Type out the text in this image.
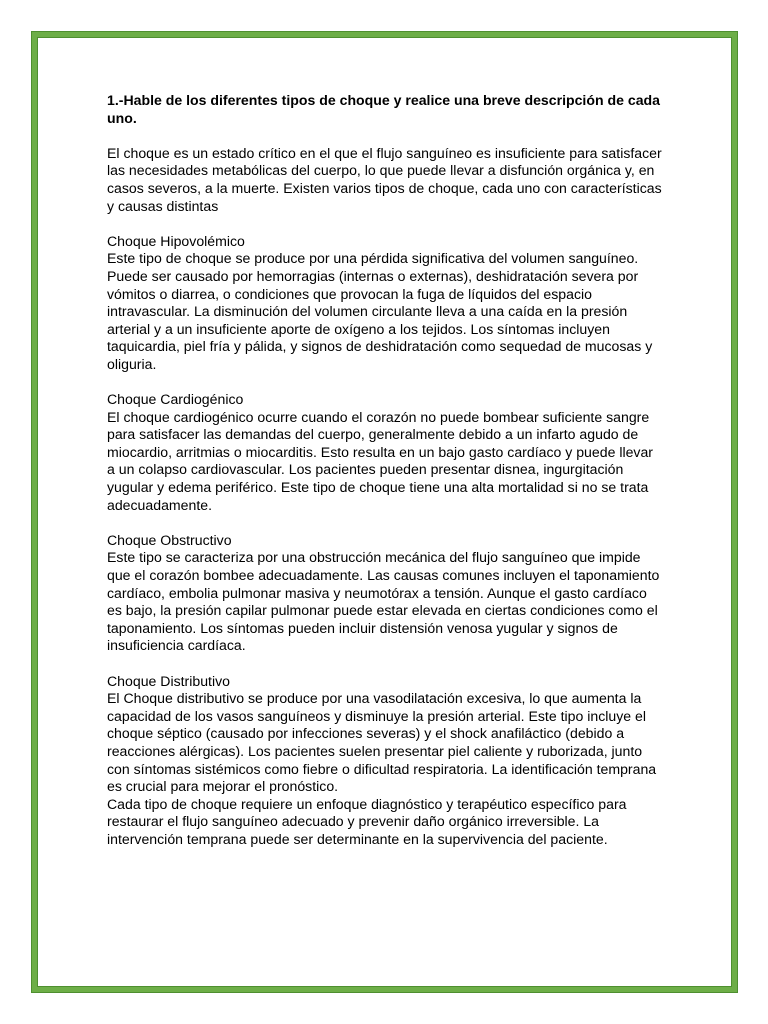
1.-Hable de los diferentes tipos de choque y realice una breve descripción de cada uno.
El choque es un estado crítico en el que el flujo sanguíneo es insuficiente para satisfacer las necesidades metabólicas del cuerpo, lo que puede llevar a disfunción orgánica y, en casos severos, a la muerte. Existen varios tipos de choque, cada uno con características y causas distintas
Choque Hipovolémico
Este tipo de choque se produce por una pérdida significativa del volumen sanguíneo. Puede ser causado por hemorragias (internas o externas), deshidratación severa por vómitos o diarrea, o condiciones que provocan la fuga de líquidos del espacio intravascular. La disminución del volumen circulante lleva a una caída en la presión arterial y a un insuficiente aporte de oxígeno a los tejidos. Los síntomas incluyen taquicardia, piel fría y pálida, y signos de deshidratación como sequedad de mucosas y oliguria.
Choque Cardiogénico
El choque cardiogénico ocurre cuando el corazón no puede bombear suficiente sangre para satisfacer las demandas del cuerpo, generalmente debido a un infarto agudo de miocardio, arritmias o miocarditis. Esto resulta en un bajo gasto cardíaco y puede llevar a un colapso cardiovascular. Los pacientes pueden presentar disnea, ingurgitación yugular y edema periférico. Este tipo de choque tiene una alta mortalidad si no se trata adecuadamente.
Choque Obstructivo
Este tipo se caracteriza por una obstrucción mecánica del flujo sanguíneo que impide que el corazón bombee adecuadamente. Las causas comunes incluyen el taponamiento cardíaco, embolia pulmonar masiva y neumotórax a tensión. Aunque el gasto cardíaco es bajo, la presión capilar pulmonar puede estar elevada en ciertas condiciones como el taponamiento. Los síntomas pueden incluir distensión venosa yugular y signos de insuficiencia cardíaca.
Choque Distributivo
El Choque distributivo se produce por una vasodilatación excesiva, lo que aumenta la capacidad de los vasos sanguíneos y disminuye la presión arterial. Este tipo incluye el choque séptico (causado por infecciones severas) y el shock anafiláctico (debido a reacciones alérgicas). Los pacientes suelen presentar piel caliente y ruborizada, junto con síntomas sistémicos como fiebre o dificultad respiratoria. La identificación temprana es crucial para mejorar el pronóstico.
Cada tipo de choque requiere un enfoque diagnóstico y terapéutico específico para restaurar el flujo sanguíneo adecuado y prevenir daño orgánico irreversible. La intervención temprana puede ser determinante en la supervivencia del paciente.
